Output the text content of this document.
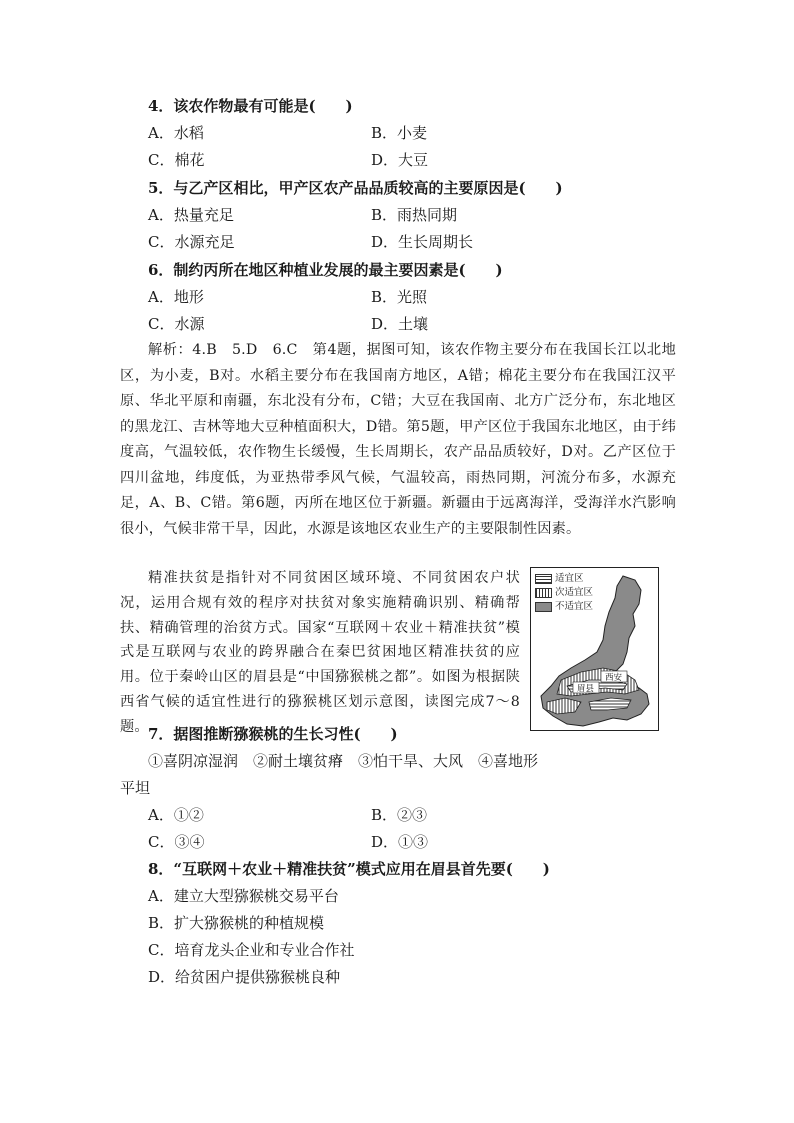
4．该农作物最有可能是(　　)
A．水稻	B．小麦
C．棉花	D．大豆
5．与乙产区相比，甲产区农产品品质较高的主要原因是(　　)
A．热量充足	B．雨热同期
C．水源充足	D．生长周期长
6．制约丙所在地区种植业发展的最主要因素是(　　)
A．地形	B．光照
C．水源	D．土壤

解析：4.B　5.D　6.C　第4题，据图可知，该农作物主要分布在我国长江以北地区，为小麦，B对。水稻主要分布在我国南方地区，A错；棉花主要分布在我国江汉平原、华北平原和南疆，东北没有分布，C错；大豆在我国南、北方广泛分布，东北地区的黑龙江、吉林等地大豆种植面积大，D错。第5题，甲产区位于我国东北地区，由于纬度高，气温较低，农作物生长缓慢，生长周期长，农产品品质较好，D对。乙产区位于四川盆地，纬度低，为亚热带季风气候，气温较高，雨热同期，河流分布多，水源充足，A、B、C错。第6题，丙所在地区位于新疆。新疆由于远离海洋，受海洋水汽影响很小，气候非常干旱，因此，水源是该地区农业生产的主要限制性因素。

精准扶贫是指针对不同贫困区域环境、不同贫困农户状况，运用合规有效的程序对扶贫对象实施精确识别、精确帮扶、精确管理的治贫方式。国家“互联网＋农业＋精准扶贫”模式是互联网与农业的跨界融合在秦巴贫困地区精准扶贫的应用。位于秦岭山区的眉县是“中国猕猴桃之都”。如图为根据陕西省气候的适宜性进行的猕猴桃区划示意图，读图完成7～8题。

适宜区
次适宜区
不适宜区
西安
眉县
7．据图推断猕猴桃的生长习性(　　)
①喜阴凉湿润　②耐土壤贫瘠　③怕干旱、大风　④喜地形
平坦
A．①②	B．②③
C．③④	D．①③
8．“互联网＋农业＋精准扶贫”模式应用在眉县首先要(　　)
A．建立大型猕猴桃交易平台
B．扩大猕猴桃的种植规模
C．培育龙头企业和专业合作社
D．给贫困户提供猕猴桃良种
